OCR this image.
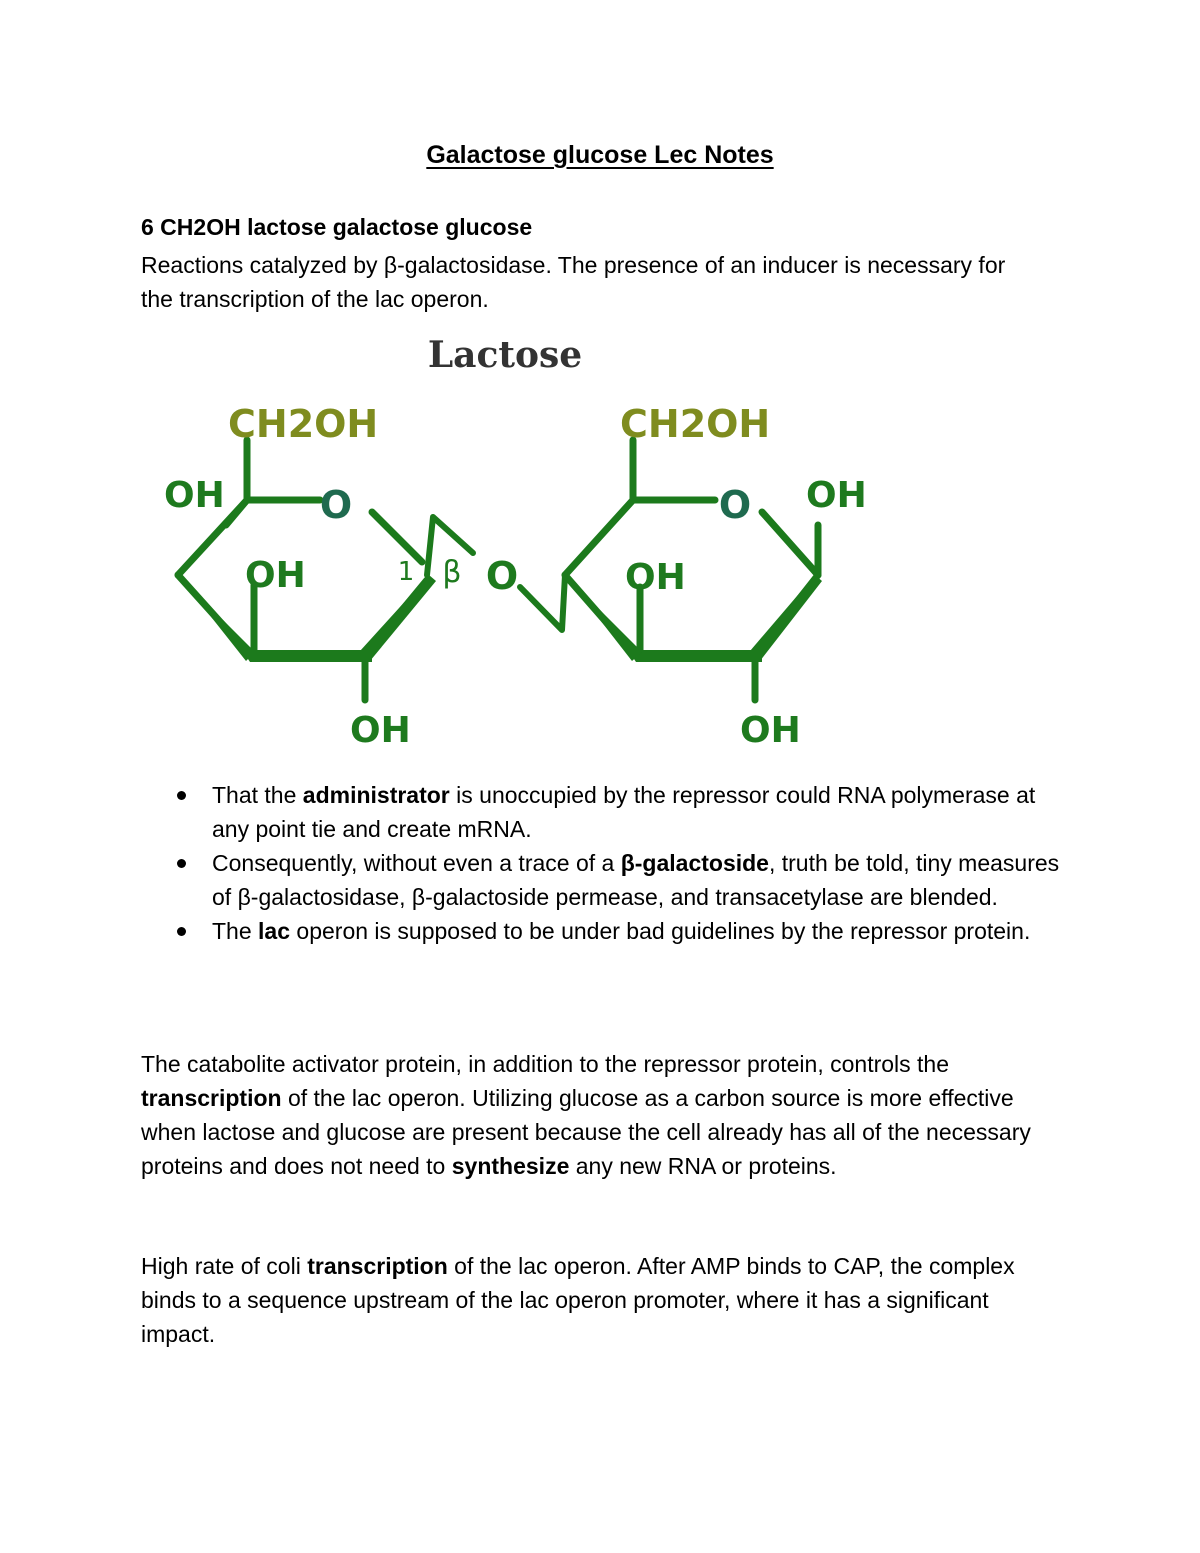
Galactose glucose Lec Notes
6 CH2OH lactose galactose glucose
Reactions catalyzed by β-galactosidase. The presence of an inducer is necessary for the transcription of the lac operon.
Lactose
CH2OH	CH2OH
O	O
OH
OH
OH
OH
OH
OH
1 β O
That the administrator is unoccupied by the repressor could RNA polymerase at any point tie and create mRNA.
Consequently, without even a trace of a β-galactoside, truth be told, tiny measures of β-galactosidase, β-galactoside permease, and transacetylase are blended.
The lac operon is supposed to be under bad guidelines by the repressor protein.

The catabolite activator protein, in addition to the repressor protein, controls the transcription of the lac operon. Utilizing glucose as a carbon source is more effective when lactose and glucose are present because the cell already has all of the necessary proteins and does not need to synthesize any new RNA or proteins.

High rate of coli transcription of the lac operon. After AMP binds to CAP, the complex binds to a sequence upstream of the lac operon promoter, where it has a significant impact.
